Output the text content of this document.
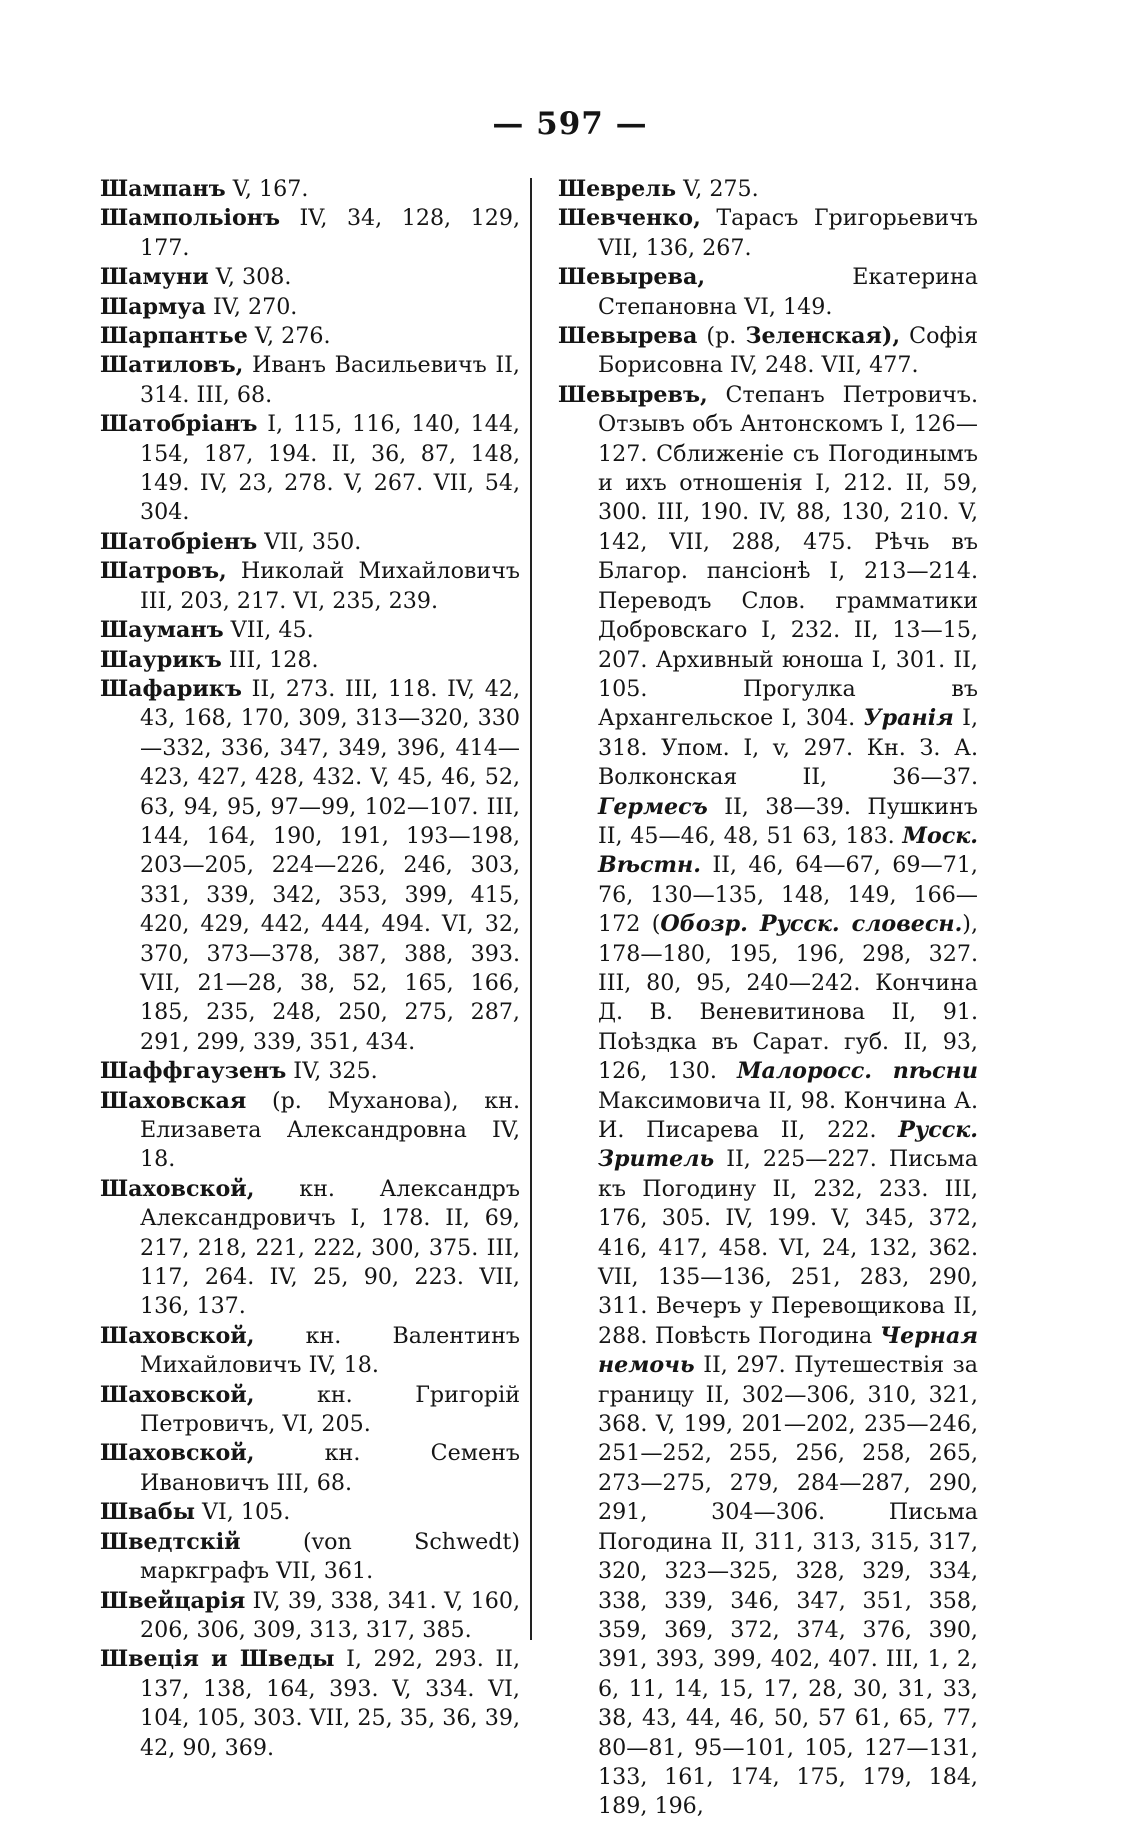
— 597 —

Шампанъ V, 167.

Шампольіонъ IV, 34, 128, 129, 177.

Шамуни V, 308.

Шармуа IV, 270.

Шарпантье V, 276.

Шатиловъ, Иванъ Васильевичъ II, 314. III, 68.

Шатобріанъ I, 115, 116, 140, 144, 154, 187, 194. II, 36, 87, 148, 149. IV, 23, 278. V, 267. VII, 54, 304.

Шатобріенъ VII, 350.

Шатровъ, Николай Михайловичъ III, 203, 217. VI, 235, 239.

Шауманъ VII, 45.

Шаурикъ III, 128.

Шафарикъ II, 273. III, 118. IV, 42, 43, 168, 170, 309, 313—320, 330—332, 336, 347, 349, 396, 414—423, 427, 428, 432. V, 45, 46, 52, 63, 94, 95, 97—99, 102—107. III, 144, 164, 190, 191, 193—198, 203—205, 224—226, 246, 303, 331, 339, 342, 353, 399, 415, 420, 429, 442, 444, 494. VI, 32, 370, 373—378, 387, 388, 393. VII, 21—28, 38, 52, 165, 166, 185, 235, 248, 250, 275, 287, 291, 299, 339, 351, 434.

Шаффгаузенъ IV, 325.

Шаховская (р. Муханова), кн. Елизавета Александровна IV, 18.

Шаховской, кн. Александръ Александровичъ I, 178. II, 69, 217, 218, 221, 222, 300, 375. III, 117, 264. IV, 25, 90, 223. VII, 136, 137.

Шаховской, кн. Валентинъ Михайловичъ IV, 18.

Шаховской, кн. Григорій Петровичъ, VI, 205.

Шаховской, кн. Семенъ Ивановичъ III, 68.

Швабы VI, 105.

Шведтскій (von Schwedt) маркграфъ VII, 361.

Швейцарія IV, 39, 338, 341. V, 160, 206, 306, 309, 313, 317, 385.

Швеція и Шведы I, 292, 293. II, 137, 138, 164, 393. V, 334. VI, 104, 105, 303. VII, 25, 35, 36, 39, 42, 90, 369.

Шеврель V, 275.

Шевченко, Тарасъ Григорьевичъ VII, 136, 267.

Шевырева, Екатерина Степановна VI, 149.

Шевырева (р. Зеленская), Софія Борисовна IV, 248. VII, 477.

Шевыревъ, Степанъ Петровичъ. Отзывъ объ Антонскомъ I, 126—127. Сближеніе съ Погодинымъ и ихъ отношенія I, 212. II, 59, 300. III, 190. IV, 88, 130, 210. V, 142, VII, 288, 475. Рѣчь въ Благор. пансіонѣ I, 213—214. Переводъ Слов. грамматики Добровскаго I, 232. II, 13—15, 207. Архивный юноша I, 301. II, 105. Прогулка въ Архангельское I, 304. Уранія I, 318. Упом. I, v, 297. Кн. З. А. Волконская II, 36—37. Гермесъ II, 38—39. Пушкинъ II, 45—46, 48, 51 63, 183. Моск. Вѣстн. II, 46, 64—67, 69—71, 76, 130—135, 148, 149, 166—172 (Обозр. Русск. словесн.), 178—180, 195, 196, 298, 327. III, 80, 95, 240—242. Кончина Д. В. Веневитинова II, 91. Поѣздка въ Сарат. губ. II, 93, 126, 130. Малоросс. пѣсни Максимовича II, 98. Кончина А. И. Писарева II, 222. Русск. Зритель II, 225—227. Письма къ Погодину II, 232, 233. III, 176, 305. IV, 199. V, 345, 372, 416, 417, 458. VI, 24, 132, 362. VII, 135—136, 251, 283, 290, 311. Вечеръ у Перевощикова II, 288. Повѣсть Погодина Черная немочь II, 297. Путешествія за границу II, 302—306, 310, 321, 368. V, 199, 201—202, 235—246, 251—252, 255, 256, 258, 265, 273—275, 279, 284—287, 290, 291, 304—306. Письма Погодина II, 311, 313, 315, 317, 320, 323—325, 328, 329, 334, 338, 339, 346, 347, 351, 358, 359, 369, 372, 374, 376, 390, 391, 393, 399, 402, 407. III, 1, 2, 6, 11, 14, 15, 17, 28, 30, 31, 33, 38, 43, 44, 46, 50, 57 61, 65, 77, 80—81, 95—101, 105, 127—131, 133, 161, 174, 175, 179, 184, 189, 196,
